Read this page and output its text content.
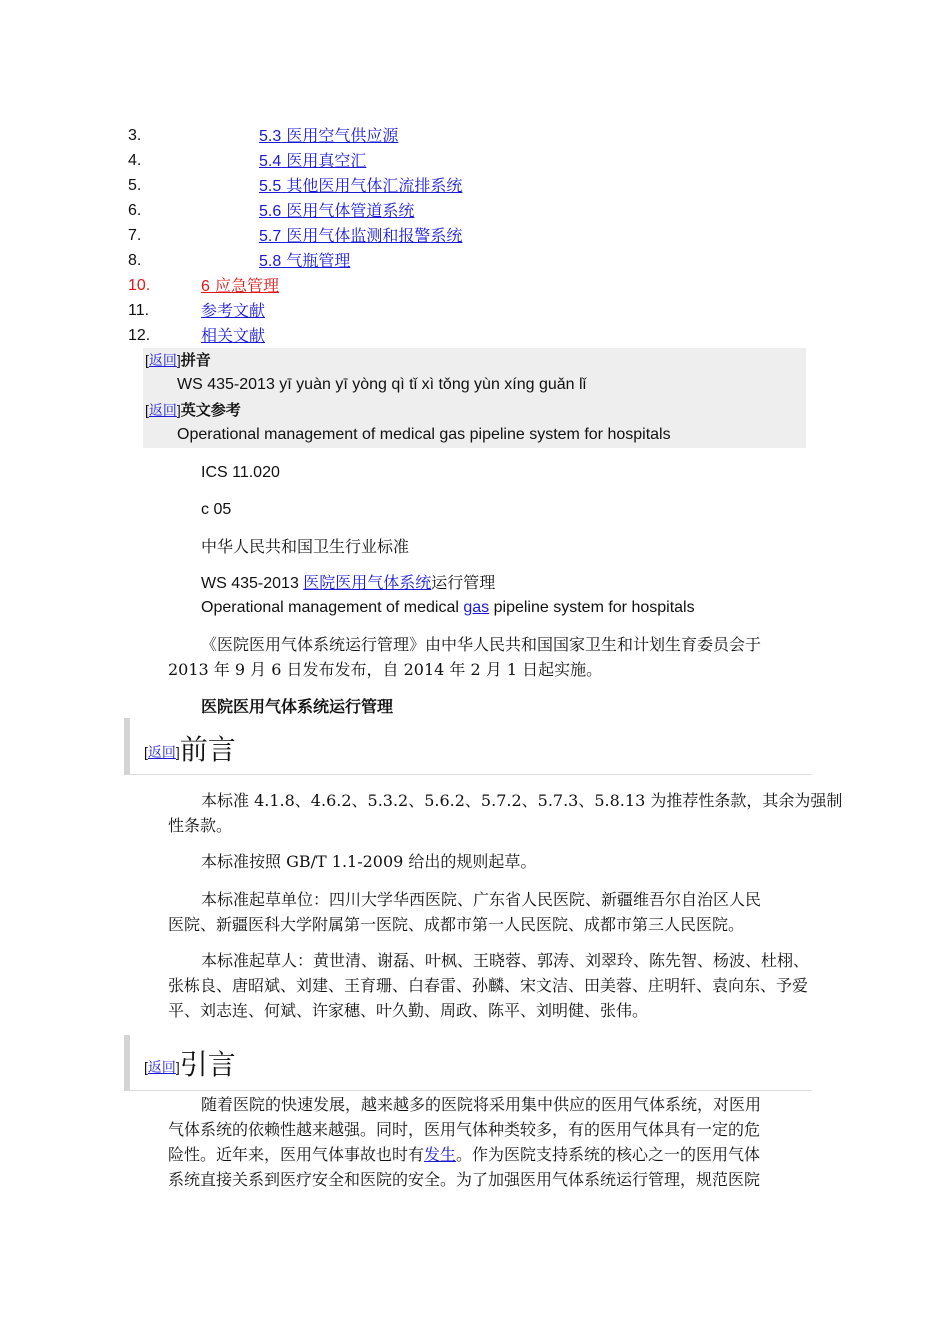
3.	5.3 医用空气供应源
4.	5.4 医用真空汇
5.	5.5 其他医用气体汇流排系统
6.	5.6 医用气体管道系统
7.	5.7 医用气体监测和报警系统
8.	5.8 气瓶管理
10.	6 应急管理
11.	参考文献
12.	相关文献
[返回]拼音
WS 435-2013 yī yuàn yī yòng qì tǐ xì tǒng yùn xíng guǎn lǐ
[返回]英文参考
Operational management of medical gas pipeline system for hospitals
ICS 11.020
c 05
中华人民共和国卫生行业标准
WS 435-2013 医院医用气体系统运行管理
Operational management of medical gas pipeline system for hospitals
《医院医用气体系统运行管理》由中华人民共和国国家卫生和计划生育委员会于
2013 年 9 月 6 日发布发布，自 2014 年 2 月 1 日起实施。
医院医用气体系统运行管理
[返回]前言
本标准 4.1.8、4.6.2、5.3.2、5.6.2、5.7.2、5.7.3、5.8.13 为推荐性条款，其余为强制
性条款。
本标准按照 GB/T 1.1-2009 给出的规则起草。
本标准起草单位：四川大学华西医院、广东省人民医院、新疆维吾尔自治区人民
医院、新疆医科大学附属第一医院、成都市第一人民医院、成都市第三人民医院。
本标准起草人：黄世清、谢磊、叶枫、王晓蓉、郭涛、刘翠玲、陈先智、杨波、杜栩、
张栋良、唐昭斌、刘建、王育珊、白春雷、孙麟、宋文洁、田美蓉、庄明轩、袁向东、予爱
平、刘志连、何斌、许家穗、叶久勤、周政、陈平、刘明健、张伟。
[返回]引言
随着医院的快速发展，越来越多的医院将采用集中供应的医用气体系统，对医用
气体系统的依赖性越来越强。同时，医用气体种类较多，有的医用气体具有一定的危
险性。近年来，医用气体事故也时有发生。作为医院支持系统的核心之一的医用气体
系统直接关系到医疗安全和医院的安全。为了加强医用气体系统运行管理，规范医院
